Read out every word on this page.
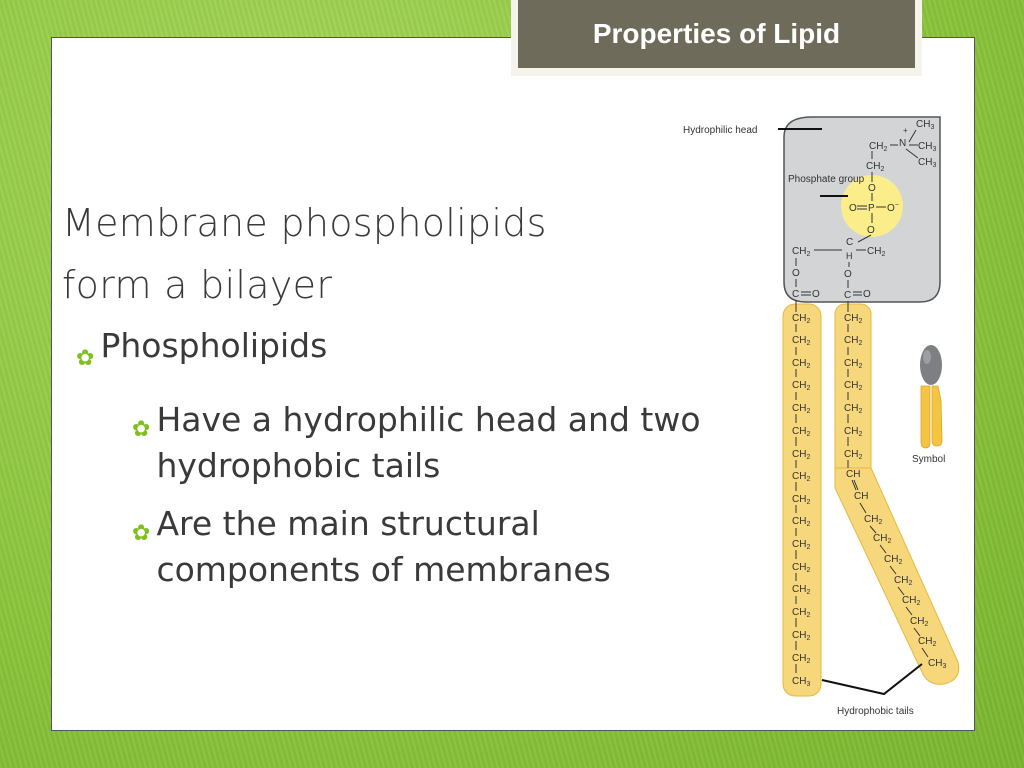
Properties of Lipid
Membrane phospholipids
form a bilayer
✿ Phospholipids
✿ Have a hydrophilic head and two hydrophobic tails
✿ Are the main structural components of membranes
Hydrophilic head
Phosphate group
$CH_3$
+
$CH_2$
N $CH_3$
$CH_3$
$CH_2$
O
O P O−
O
C
H
$CH_2$	$CH_2$
O	O
C O C O
$CH_2$
$CH_2$
$CH_2$
$CH_2$
$CH_2$
$CH_2$
$CH_2$
$CH_2$
$CH_2$
$CH_2$
$CH_2$
$CH_2$
$CH_2$
$CH_2$
$CH_2$
$CH_2$
$CH_3$
$CH_2$
$CH_2$
$CH_2$
$CH_2$
$CH_2$
$CH_2$
$CH_2$
CH
CH
$CH_2$
$CH_2$
$CH_2$
$CH_2$
$CH_2$
$CH_2$
$CH_2$
$CH_3$
Hydrophobic tails
Symbol
